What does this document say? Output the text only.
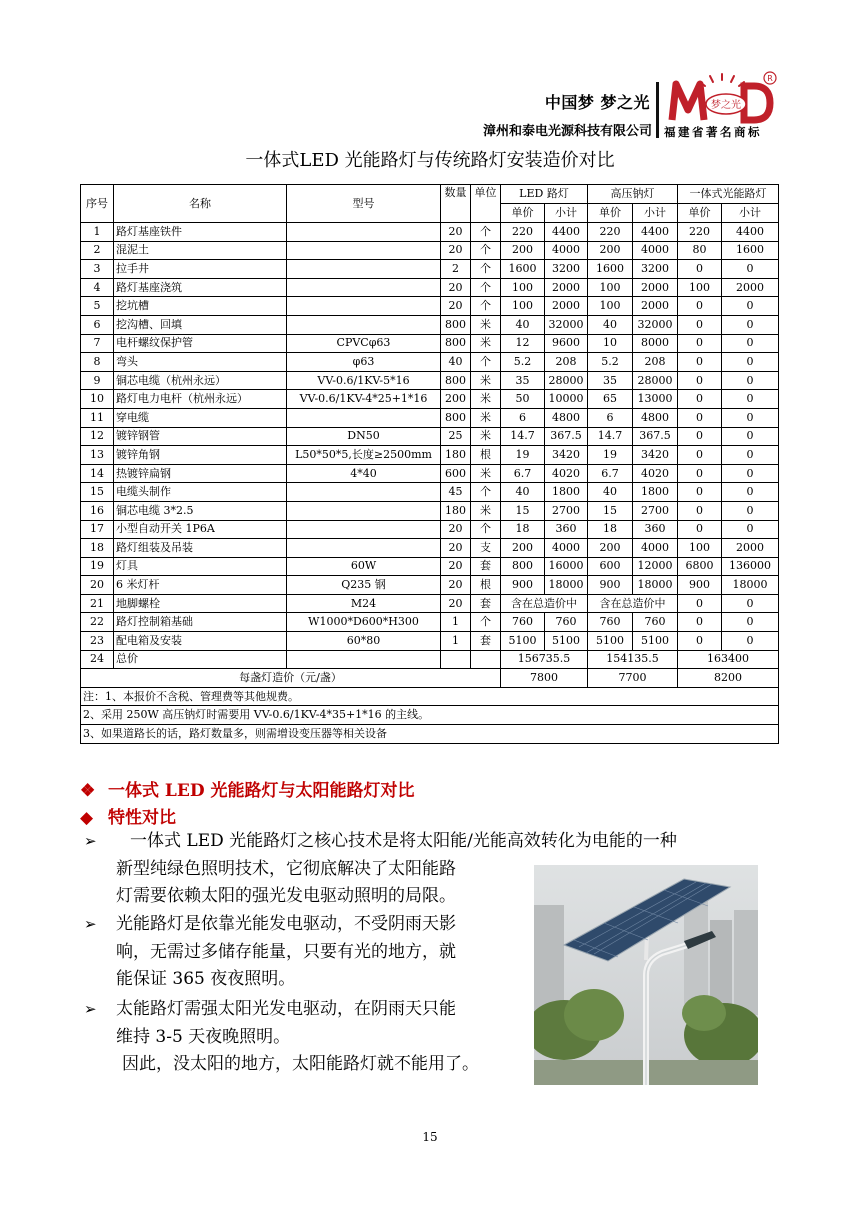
中国梦 梦之光
漳州和泰电光源科技有限公司
梦之光
R
福建省著名商标
一体式LED 光能路灯与传统路灯安装造价对比
序号	名称	型号	数量	单位	LED 路灯		高压钠灯		一体式光能路灯	
					单价	小计	单价	小计	单价	小计
1	路灯基座铁件		20	个	220	4400	220	4400	220	4400
2	混泥土		20	个	200	4000	200	4000	80	1600
3	拉手井		2	个	1600	3200	1600	3200	0	0
4	路灯基座浇筑		20	个	100	2000	100	2000	100	2000
5	挖坑槽		20	个	100	2000	100	2000	0	0
6	挖沟槽、回填		800	米	40	32000	40	32000	0	0
7	电杆螺纹保护管	CPVCφ63	800	米	12	9600	10	8000	0	0
8	弯头	φ63	40	个	5.2	208	5.2	208	0	0
9	铜芯电缆（杭州永远）	VV-0.6/1KV-5*16	800	米	35	28000	35	28000	0	0
10	路灯电力电杆（杭州永远）	VV-0.6/1KV-4*25+1*16	200	米	50	10000	65	13000	0	0
11	穿电缆		800	米	6	4800	6	4800	0	0
12	镀锌钢管	DN50	25	米	14.7	367.5	14.7	367.5	0	0
13	镀锌角钢	L50*50*5,长度≥2500mm	180	根	19	3420	19	3420	0	0
14	热镀锌扁钢	4*40	600	米	6.7	4020	6.7	4020	0	0
15	电缆头制作		45	个	40	1800	40	1800	0	0
16	铜芯电缆 3*2.5		180	米	15	2700	15	2700	0	0
17	小型自动开关 1P6A		20	个	18	360	18	360	0	0
18	路灯组装及吊装		20	支	200	4000	200	4000	100	2000
19	灯具	60W	20	套	800	16000	600	12000	6800	136000
20	6 米灯杆	Q235 钢	20	根	900	18000	900	18000	900	18000
21	地脚螺栓	M24	20	套	含在总造价中		含在总造价中		0	0
22	路灯控制箱基础	W1000*D600*H300	1	个	760	760	760	760	0	0
23	配电箱及安装	60*80	1	套	5100	5100	5100	5100	0	0
24	总价				156735.5		154135.5		163400	
每盏灯造价（元/盏）					7800		7700		8200	
注：1、本报价不含税、管理费等其他规费。										
2、采用 250W 高压钠灯时需要用 VV-0.6/1KV-4*35+1*16 的主线。										
3、如果道路长的话，路灯数量多，则需增设变压器等相关设备										
❖ 一体式 LED 光能路灯与太阳能路灯对比
◆ 特性对比
➢	一体式 LED 光能路灯之核心技术是将太阳能/光能高效转化为电能的一种
新型纯绿色照明技术，它彻底解决了太阳能路
灯需要依赖太阳的强光发电驱动照明的局限。
➢ 光能路灯是依靠光能发电驱动，不受阴雨天影
响，无需过多储存能量，只要有光的地方，就
能保证 365 夜夜照明。
➢ 太能路灯需强太阳光发电驱动，在阴雨天只能
维持 3-5 天夜晚照明。
因此，没太阳的地方，太阳能路灯就不能用了。
15
